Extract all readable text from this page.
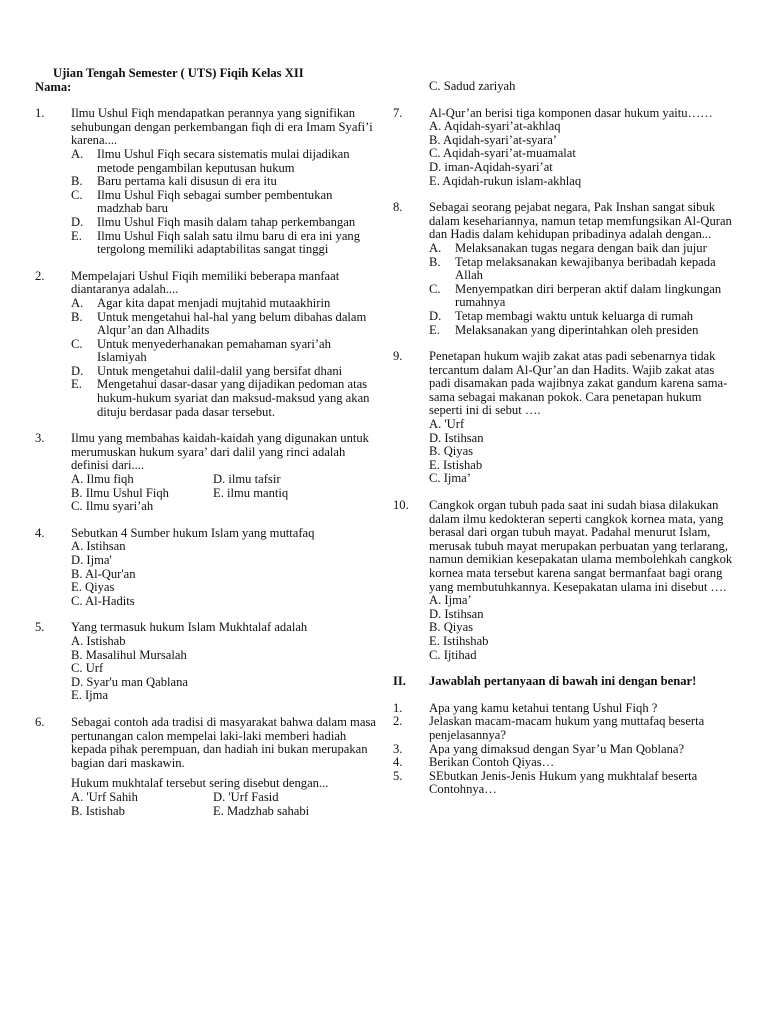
Ujian Tengah Semester ( UTS) Fiqih Kelas XII
Nama:
1.	Ilmu Ushul Fiqh mendapatkan perannya yang signifikan sehubungan dengan perkembangan fiqh di era Imam Syafi’i karena....
A.	Ilmu Ushul Fiqh secara sistematis mulai dijadikan metode pengambilan keputusan hukum
B.	Baru pertama kali disusun di era itu
C.	Ilmu Ushul Fiqh sebagai sumber pembentukan madzhab baru
D.	Ilmu Ushul Fiqh masih dalam tahap perkembangan
E.	Ilmu Ushul Fiqh salah satu ilmu baru di era ini yang tergolong memiliki adaptabilitas sangat tinggi
2.	Mempelajari Ushul Fiqih memiliki beberapa manfaat diantaranya adalah....
A.	Agar kita dapat menjadi mujtahid mutaakhirin
B.	Untuk mengetahui hal-hal yang belum dibahas dalam Alqur’an dan Alhadits
C.	Untuk menyederhanakan pemahaman syari’ah Islamiyah
D.	Untuk mengetahui dalil-dalil yang bersifat dhani
E.	Mengetahui dasar-dasar yang dijadikan pedoman atas hukum-hukum syariat dan maksud-maksud yang akan dituju berdasar pada dasar tersebut.
3.	Ilmu yang membahas kaidah-kaidah yang digunakan untuk merumuskan hukum syara’ dari dalil yang rinci adalah definisi dari....
A. Ilmu fiqh	D. ilmu tafsir
B. Ilmu Ushul Fiqh	E. ilmu mantiq
C. Ilmu syari’ah
4.	Sebutkan 4 Sumber hukum Islam yang muttafaq
A. Istihsan
D. Ijma'
B. Al-Qur'an
E. Qiyas
C. Al-Hadits
5.	Yang termasuk hukum Islam Mukhtalaf adalah
A. Istishab
B. Masalihul Mursalah
C. Urf
D. Syar'u man Qablana
E. Ijma
6.	Sebagai contoh ada tradisi di masyarakat bahwa dalam masa pertunangan calon mempelai laki-laki memberi hadiah kepada pihak perempuan, dan hadiah ini bukan merupakan bagian dari maskawin.
Hukum mukhtalaf tersebut sering disebut dengan...
A. 'Urf Sahih	D. 'Urf Fasid
B. Istishab	E. Madzhab sahabi
C. Sadud zariyah
7.	Al-Qur’an berisi tiga komponen dasar hukum yaitu……
A. Aqidah-syari’at-akhlaq
B. Aqidah-syari’at-syara’
C. Aqidah-syari’at-muamalat
D. iman-Aqidah-syari’at
E. Aqidah-rukun islam-akhlaq
8.	Sebagai seorang pejabat negara, Pak Inshan sangat sibuk dalam kesehariannya, namun tetap memfungsikan Al-Quran dan Hadis dalam kehidupan pribadinya adalah dengan...
A.	Melaksanakan tugas negara dengan baik dan jujur
B.	Tetap melaksanakan kewajibanya beribadah kepada Allah
C.	Menyempatkan diri berperan aktif dalam lingkungan rumahnya
D.	Tetap membagi waktu untuk keluarga di rumah
E.	Melaksanakan yang diperintahkan oleh presiden
9.	Penetapan hukum wajib zakat atas padi sebenarnya tidak tercantum dalam Al-Qur’an dan Hadits. Wajib zakat atas padi disamakan pada wajibnya zakat gandum karena sama-sama sebagai makanan pokok. Cara penetapan hukum seperti ini di sebut ….
A. 'Urf
D. Istihsan
B. Qiyas
E. Istishab
C. Ijma’
10.	Cangkok organ tubuh pada saat ini sudah biasa dilakukan dalam ilmu kedokteran seperti cangkok kornea mata, yang berasal dari organ tubuh mayat. Padahal menurut Islam, merusak tubuh mayat merupakan perbuatan yang terlarang, namun demikian kesepakatan ulama membolehkah cangkok kornea mata tersebut karena sangat bermanfaat bagi orang yang membutuhkannya. Kesepakatan ulama ini disebut ….
A. Ijma’
D. Istihsan
B. Qiyas
E. Istihshab
C. Ijtihad
II.	Jawablah pertanyaan di bawah ini dengan benar!
1.	Apa yang kamu ketahui tentang Ushul Fiqh ?
2.	Jelaskan macam-macam hukum yang muttafaq beserta penjelasannya?
3.	Apa yang dimaksud dengan Syar’u Man Qoblana?
4.	Berikan Contoh Qiyas…
5.	SEbutkan Jenis-Jenis Hukum yang mukhtalaf beserta Contohnya…
